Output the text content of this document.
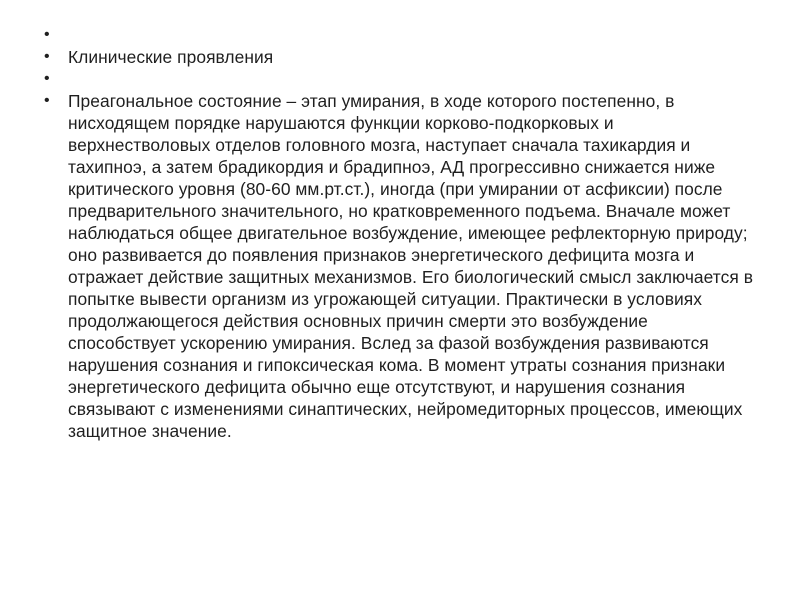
•
•	Клинические проявления
•
•	Преагональное состояние – этап умирания, в ходе которого постепенно, в нисходящем порядке нарушаются функции корково-подкорковых и верхнестволовых отделов головного мозга, наступает сначала тахикардия и тахипноэ, а затем брадикордия и брадипноэ, АД прогрессивно снижается ниже критического уровня (80-60 мм.рт.ст.), иногда (при умирании от асфиксии) после предварительного значительного, но кратковременного подъема. Вначале может наблюдаться общее двигательное возбуждение, имеющее рефлекторную природу; оно развивается до появления признаков энергетического дефицита мозга и отражает действие защитных механизмов. Его биологический смысл заключается в попытке вывести организм из угрожающей ситуации. Практически в условиях продолжающегося действия основных причин смерти это возбуждение способствует ускорению умирания. Вслед за фазой возбуждения развиваются нарушения сознания и гипоксическая кома. В момент утраты сознания признаки энергетического дефицита обычно еще отсутствуют, и нарушения сознания связывают с изменениями синаптических, нейромедиторных процессов, имеющих защитное значение.
